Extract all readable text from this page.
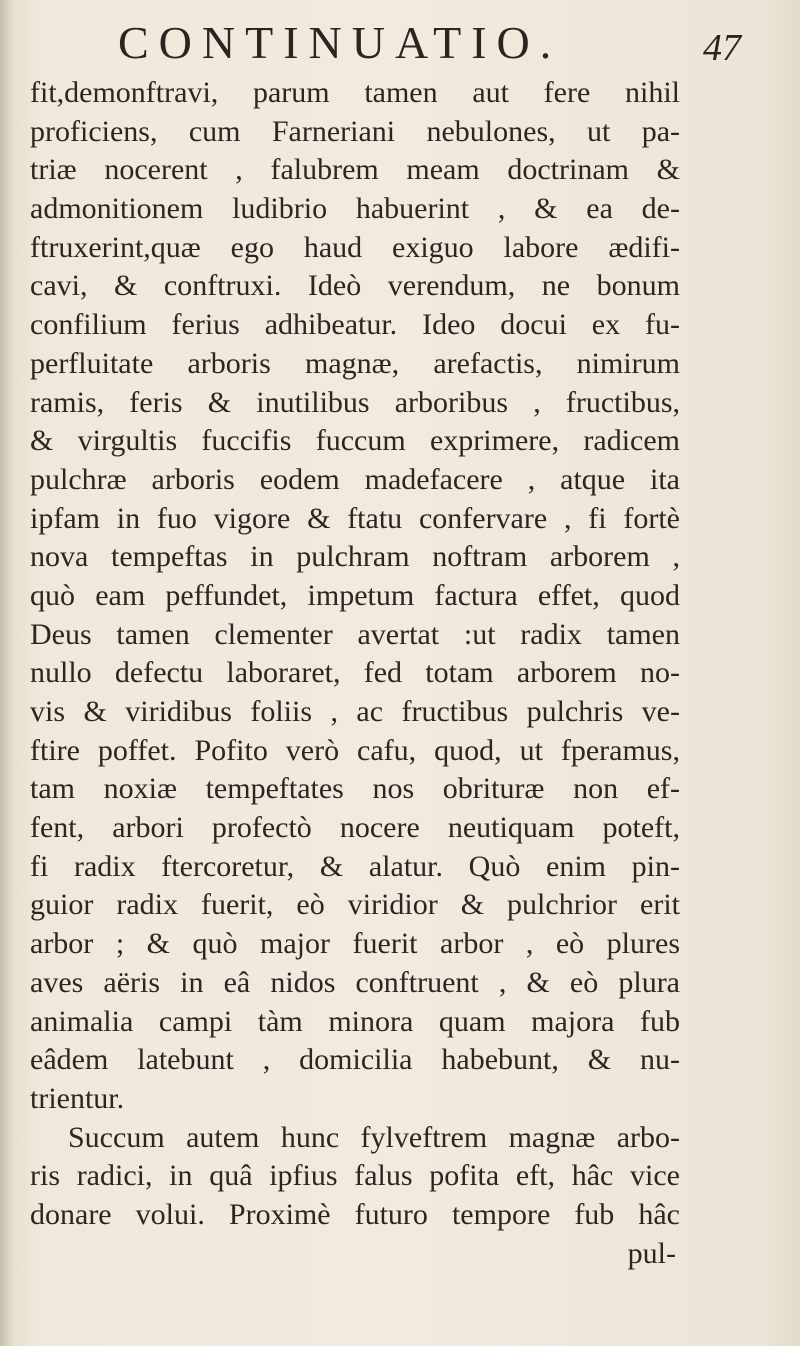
CONTINUATIO.	47
fit,demonftravi, parum tamen aut fere nihil
proficiens, cum Farneriani nebulones, ut pa-
triæ nocerent , falubrem meam doctrinam &
admonitionem ludibrio habuerint , & ea de-
ftruxerint,quæ ego haud exiguo labore ædifi-
cavi, & conftruxi. Ideò verendum, ne bonum
confilium ferius adhibeatur. Ideo docui ex fu-
perfluitate arboris magnæ, arefactis, nimirum
ramis, feris & inutilibus arboribus , fructibus,
& virgultis fuccifis fuccum exprimere, radicem
pulchræ arboris eodem madefacere , atque ita
ipfam in fuo vigore & ftatu confervare , fi fortè
nova tempeftas in pulchram noftram arborem ,
quò eam peffundet, impetum factura effet, quod
Deus tamen clementer avertat :ut radix tamen
nullo defectu laboraret, fed totam arborem no-
vis & viridibus foliis , ac fructibus pulchris ve-
ftire poffet. Pofito verò cafu, quod, ut fperamus,
tam noxiæ tempeftates nos obrituræ non ef-
fent, arbori profectò nocere neutiquam poteft,
fi radix ftercoretur, & alatur. Quò enim pin-
guior radix fuerit, eò viridior & pulchrior erit
arbor ; & quò major fuerit arbor , eò plures
aves aëris in eâ nidos conftruent , & eò plura
animalia campi tàm minora quam majora fub
eâdem latebunt , domicilia habebunt, & nu-
trientur.
Succum autem hunc fylveftrem magnæ arbo-
ris radici, in quâ ipfius falus pofita eft, hâc vice
donare volui. Proximè futuro tempore fub hâc
pul-
